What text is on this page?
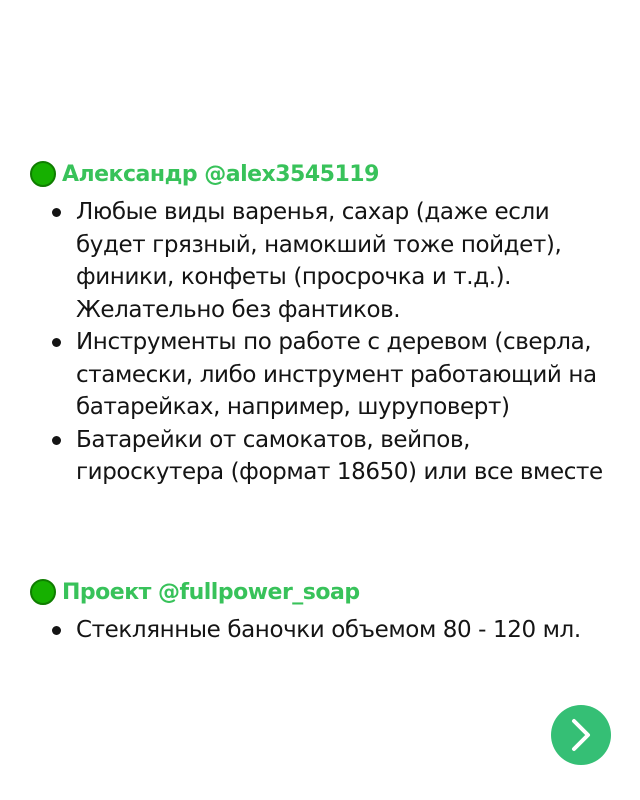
Александр @alex3545119
Любые виды варенья, сахар (даже если будет грязный, намокший тоже пойдет), финики, конфеты (просрочка и т.д.). Желательно без фантиков.
Инструменты по работе с деревом (сверла, стамески, либо инструмент работающий на батарейках, например, шуруповерт)
Батарейки от самокатов, вейпов, гироскутера (формат 18650) или все вместе
Проект @fullpower_soap
Стеклянные баночки объемом 80 - 120 мл.
